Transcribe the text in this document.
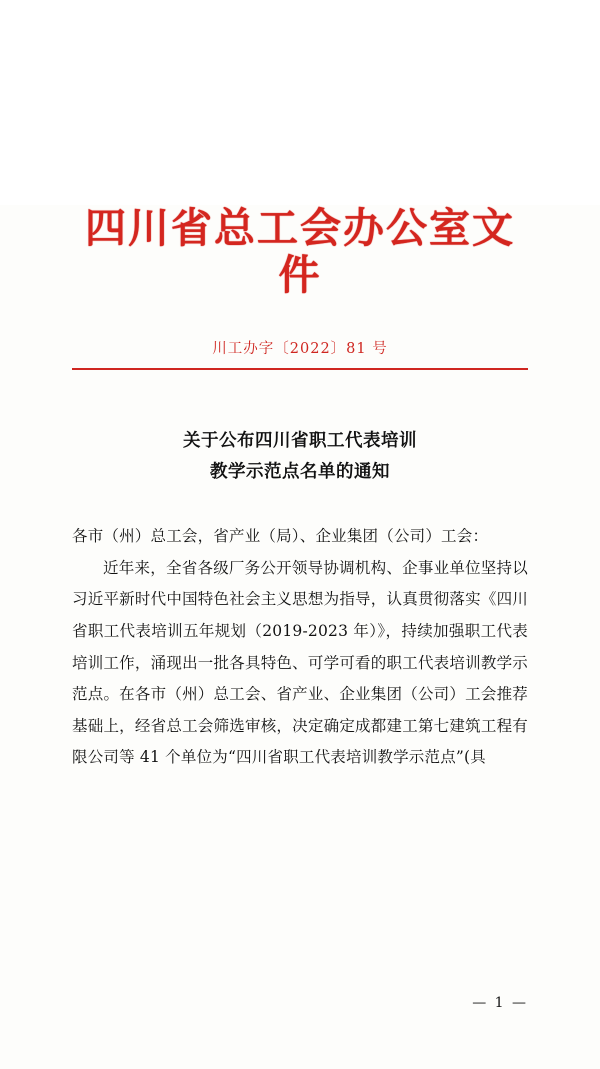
四川省总工会办公室文件
川工办字〔2022〕81 号
关于公布四川省职工代表培训
教学示范点名单的通知

各市（州）总工会，省产业（局）、企业集团（公司）工会：

近年来，全省各级厂务公开领导协调机构、企事业单位坚持以习近平新时代中国特色社会主义思想为指导，认真贯彻落实《四川省职工代表培训五年规划（2019-2023 年）》，持续加强职工代表培训工作，涌现出一批各具特色、可学可看的职工代表培训教学示范点。在各市（州）总工会、省产业、企业集团（公司）工会推荐基础上，经省总工会筛选审核，决定确定成都建工第七建筑工程有限公司等 41 个单位为“四川省职工代表培训教学示范点”(具

— 1 —
